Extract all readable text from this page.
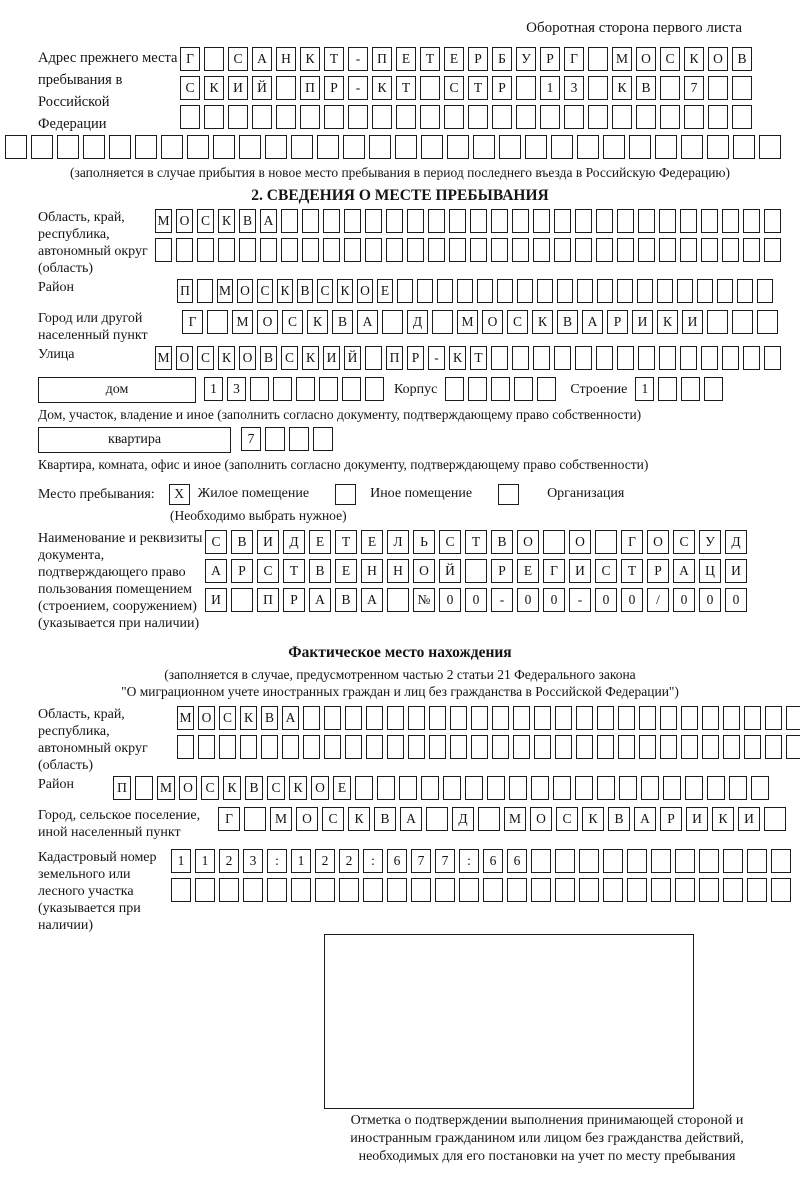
Оборотная сторона первого листа
Адрес прежнего места пребывания в Российской Федерации
Г	С	А	Н	К	Т	-	П	Е	Т	Е	Р	Б	У	Р	Г	М О	С	К	О	В
С	К	И	Й	П	Р	-	К	Т	С	Т	Р	1	3	К	В	7
(заполняется в случае прибытия в новое место пребывания в период последнего въезда в Российскую Федерацию)
2. СВЕДЕНИЯ О МЕСТЕ ПРЕБЫВАНИЯ
Область, край, республика, автономный округ (область)
М О С К В А
Район	П М О С К В С К О Е
Город или другой населенный пункт
Г	М	О	С	К	В	А	Д	М	О	С	К	В	А	Р	И	К	И
Улица	М О С К О В С К И Й П Р	-	К Т
дом	1	3	Корпус	Строение	1
Дом, участок, владение и иное (заполнить согласно документу, подтверждающему право собственности)
квартира	7
Квартира, комната, офис и иное (заполнить согласно документу, подтверждающему право собственности)
Место пребывания:	X Жилое помещение	Иное помещение	Организация
(Необходимо выбрать нужное)
Наименование и реквизиты документа, подтверждающего право пользования помещением (строением, сооружением) (указывается при наличии)
С	В	И	Д	Е	Т	Е	Л	Ь	С	Т	В	О	О	Г	О	С	У	Д
А	Р	С	Т	В	Е	Н	Н	О	Й	Р	Е	Г	И	С	Т	Р	А	Ц	И
И	П	Р	А	В	А	№	0	0	-	0	0	-	0	0	/	0	0	0
Фактическое место нахождения
(заполняется в случае, предусмотренном частью 2 статьи 21 Федерального закона
"О миграционном учете иностранных граждан и лиц без гражданства в Российской Федерации")
Область, край, республика, автономный округ (область)
М О С К В А
Район	П	М О С К В С К О Е
Город, сельское поселение, иной населенный пункт
Г	М	О	С	К	В	А	Д	М	О	С	К	В	А	Р	И	К	И
Кадастровый номер земельного или лесного участка (указывается при наличии)
1	1	2	3	:	1	2	2	:	6	7	7	:	6	6
Отметка о подтверждении выполнения принимающей стороной и иностранным гражданином или лицом без гражданства действий, необходимых для его постановки на учет по месту пребывания
